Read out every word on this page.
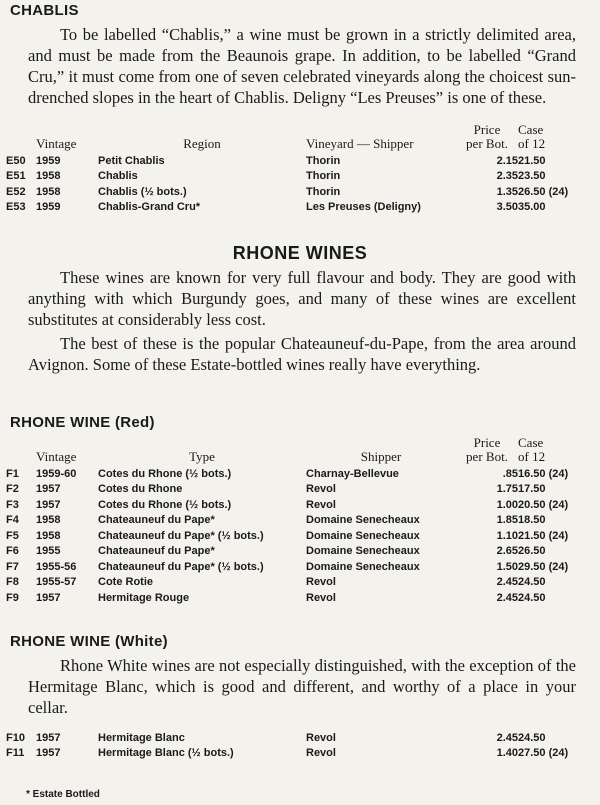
CHABLIS

To be labelled “Chablis,” a wine must be grown in a strictly delimited area, and must be made from the Beaunois grape. In addition, to be labelled “Grand Cru,” it must come from one of seven celebrated vineyards along the choicest sun-drenched slopes in the heart of Chablis. Deligny “Les Preuses” is one of these.

	Vintage	Region	Vineyard — Shipper	Price
per Bot.	Case
of 12
E50	1959	Petit Chablis	Thorin	2.15	21.50
E51	1958	Chablis	Thorin	2.35	23.50
E52	1958	Chablis (½ bots.)	Thorin	1.35	26.50 (24)
E53	1959	Chablis-Grand Cru*	Les Preuses (Deligny)	3.50	35.00
RHONE WINES

These wines are known for very full flavour and body. They are good with anything with which Burgundy goes, and many of these wines are excellent substitutes at considerably less cost.

The best of these is the popular Chateauneuf-du-Pape, from the area around Avignon. Some of these Estate-bottled wines really have everything.

RHONE WINE (Red)
	Vintage	Type	Shipper	Price
per Bot.	Case
of 12
F1	1959-60	Cotes du Rhone (½ bots.)	Charnay-Bellevue	.85	16.50 (24)
F2	1957	Cotes du Rhone	Revol	1.75	17.50
F3	1957	Cotes du Rhone (½ bots.)	Revol	1.00	20.50 (24)
F4	1958	Chateauneuf du Pape*	Domaine Senecheaux	1.85	18.50
F5	1958	Chateauneuf du Pape* (½ bots.)	Domaine Senecheaux	1.10	21.50 (24)
F6	1955	Chateauneuf du Pape*	Domaine Senecheaux	2.65	26.50
F7	1955-56	Chateauneuf du Pape* (½ bots.)	Domaine Senecheaux	1.50	29.50 (24)
F8	1955-57	Cote Rotie	Revol	2.45	24.50
F9	1957	Hermitage Rouge	Revol	2.45	24.50
RHONE WINE (White)

Rhone White wines are not especially distinguished, with the exception of the Hermitage Blanc, which is good and different, and worthy of a place in your cellar.

F10	1957	Hermitage Blanc	Revol	2.45	24.50
F11	1957	Hermitage Blanc (½ bots.)	Revol	1.40	27.50 (24)
* Estate Bottled
